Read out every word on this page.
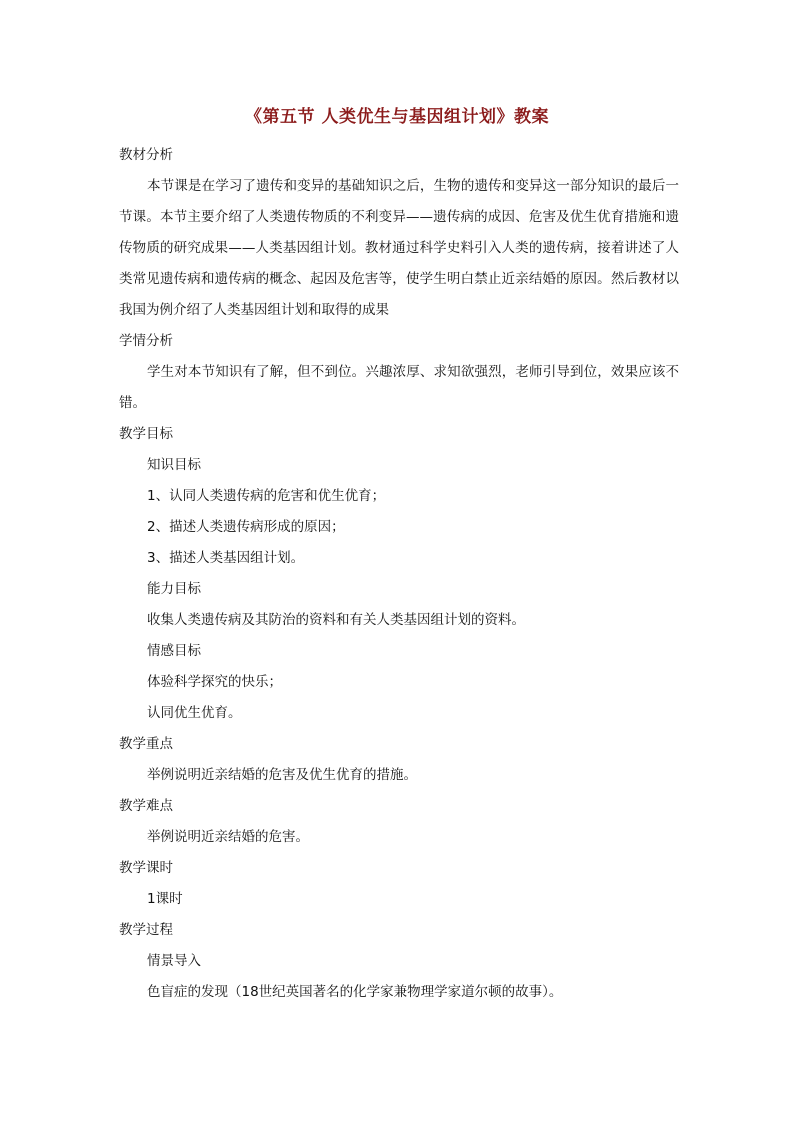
《第五节 人类优生与基因组计划》教案

教材分析

本节课是在学习了遗传和变异的基础知识之后，生物的遗传和变异这一部分知识的最后一节课。本节主要介绍了人类遗传物质的不利变异——遗传病的成因、危害及优生优育措施和遗传物质的研究成果——人类基因组计划。教材通过科学史料引入人类的遗传病，接着讲述了人类常见遗传病和遗传病的概念、起因及危害等，使学生明白禁止近亲结婚的原因。然后教材以我国为例介绍了人类基因组计划和取得的成果

学情分析

学生对本节知识有了解，但不到位。兴趣浓厚、求知欲强烈，老师引导到位，效果应该不错。

教学目标

知识目标

1、认同人类遗传病的危害和优生优育；

2、描述人类遗传病形成的原因；

3、描述人类基因组计划。

能力目标

收集人类遗传病及其防治的资料和有关人类基因组计划的资料。

情感目标

体验科学探究的快乐；

认同优生优育。

教学重点

举例说明近亲结婚的危害及优生优育的措施。

教学难点

举例说明近亲结婚的危害。

教学课时

1课时

教学过程

情景导入

色盲症的发现（18世纪英国著名的化学家兼物理学家道尔顿的故事）。
